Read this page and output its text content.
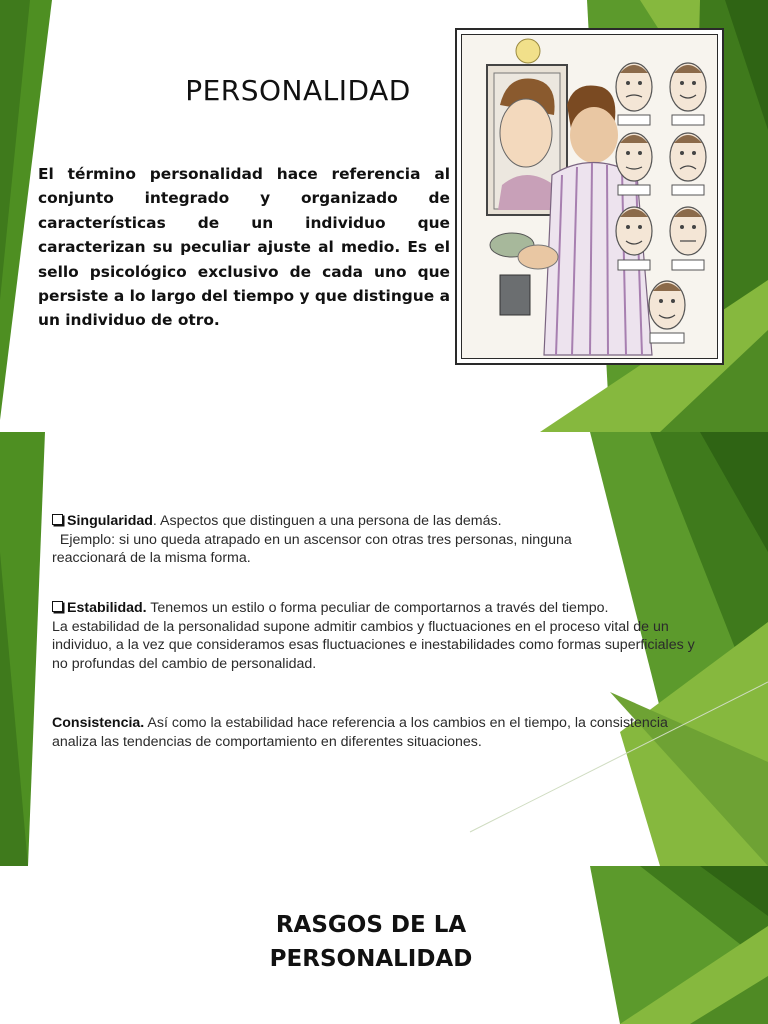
PERSONALIDAD

El término personalidad hace referencia al conjunto integrado y organizado de características de un individuo que caracterizan su peculiar ajuste al medio. Es el sello psicológico exclusivo de cada uno que persiste a lo largo del tiempo y que distingue a un individuo de otro.

Singularidad. Aspectos que distinguen a una persona de las demás.
Ejemplo: si uno queda atrapado en un ascensor con otras tres personas, ninguna reaccionará de la misma forma.

Estabilidad. Tenemos un estilo o forma peculiar de comportarnos a través del tiempo.
La estabilidad de la personalidad supone admitir cambios y fluctuaciones en el proceso vital de un individuo, a la vez que consideramos esas fluctuaciones e inestabilidades como formas superficiales y no profundas del cambio de personalidad.

Consistencia. Así como la estabilidad hace referencia a los cambios en el tiempo, la consistencia analiza las tendencias de comportamiento en diferentes situaciones.

RASGOS DE LA
PERSONALIDAD
